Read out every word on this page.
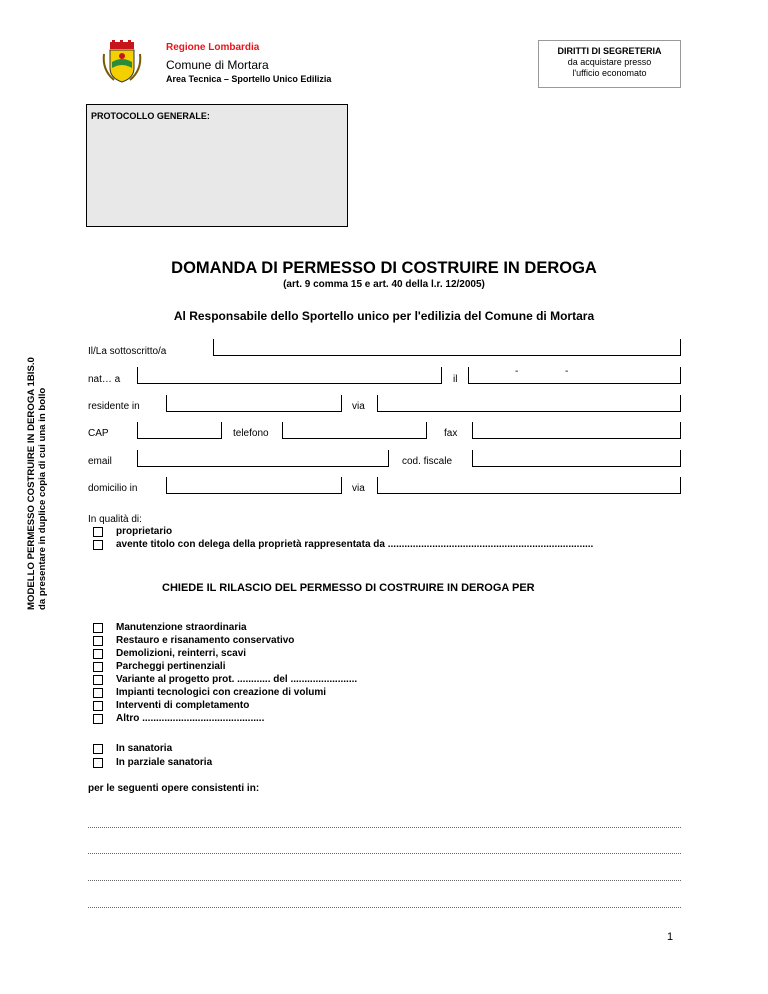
Regione Lombardia
Comune di Mortara
Area Tecnica – Sportello Unico Edilizia
DIRITTI DI SEGRETERIA
da acquistare presso
l'ufficio economato
PROTOCOLLO GENERALE:
DOMANDA DI PERMESSO DI COSTRUIRE IN DEROGA
(art. 9 comma 15 e art. 40 della l.r. 12/2005)
Al Responsabile dello Sportello unico per l'edilizia del Comune di Mortara
MODELLO PERMESSO COSTRUIRE IN DEROGA 1BIS.0 da presentare in duplice copia di cui una in bollo
Il/La sottoscritto/a
nat… a	il
-	-
residente in	via
CAP	telefono	fax
email	cod. fiscale
domicilio in	via
In qualità di:
proprietario
avente titolo con delega della proprietà rappresentata da ..........................................................................
CHIEDE IL RILASCIO DEL PERMESSO DI COSTRUIRE IN DEROGA PER
Manutenzione straordinaria
Restauro e risanamento conservativo
Demolizioni, reinterri, scavi
Parcheggi pertinenziali
Variante al progetto prot. ............ del ........................
Impianti tecnologici con creazione di volumi
Interventi di completamento
Altro ............................................
In sanatoria
In parziale sanatoria
per le seguenti opere consistenti in:
1
